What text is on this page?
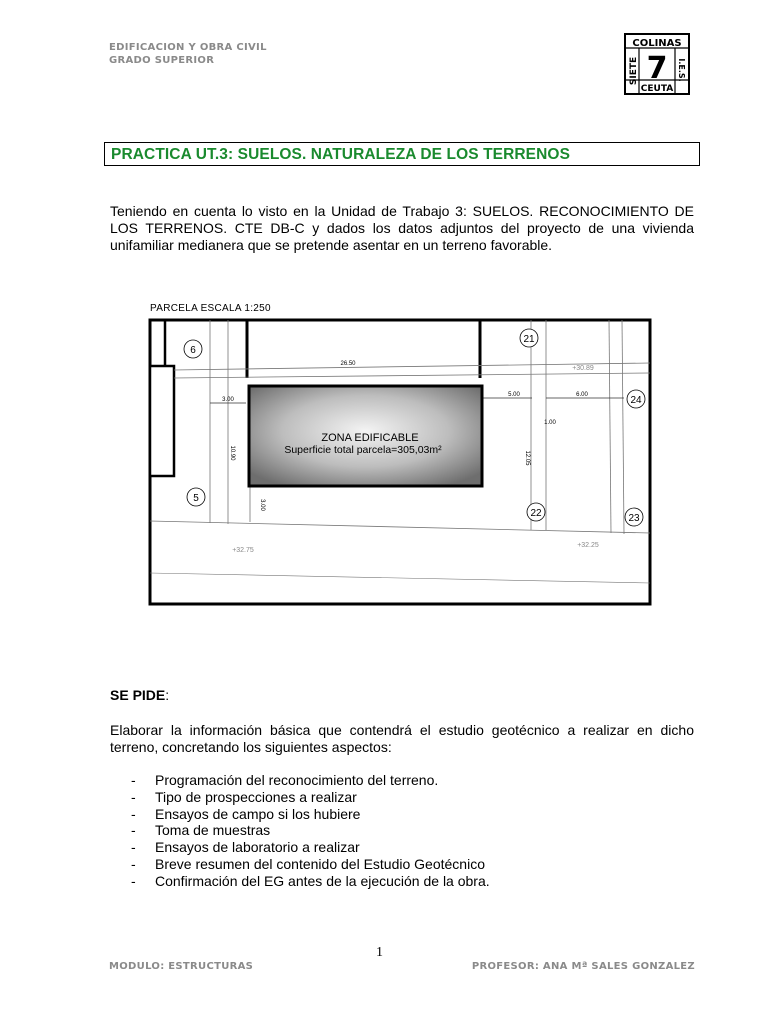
EDIFICACION Y OBRA CIVIL
GRADO SUPERIOR
COLINAS
SIETE 7 I.E.S.
CEUTA
PRACTICA UT.3: SUELOS. NATURALEZA DE LOS TERRENOS
Teniendo en cuenta lo visto en la Unidad de Trabajo 3: SUELOS. RECONOCIMIENTO DE LOS TERRENOS. CTE DB-C y dados los datos adjuntos del proyecto de una vivienda unifamiliar medianera que se pretende asentar en un terreno favorable.
PARCELA ESCALA 1:250
ZONA EDIFICABLE
Superficie total parcela=305,03m²
26.50
3.00
5.00	6.00
1.00
10.90	12.05
3.00
+30.89
+32.75
+32.25
6
21
24
5
22	23
SE PIDE:
Elaborar la información básica que contendrá el estudio geotécnico a realizar en dicho terreno, concretando los siguientes aspectos:
- Programación del reconocimiento del terreno.
- Tipo de prospecciones a realizar
- Ensayos de campo si los hubiere
- Toma de muestras
- Ensayos de laboratorio a realizar
- Breve resumen del contenido del Estudio Geotécnico
- Confirmación del EG antes de la ejecución de la obra.
1
MODULO: ESTRUCTURAS	PROFESOR: ANA Mª SALES GONZALEZ
